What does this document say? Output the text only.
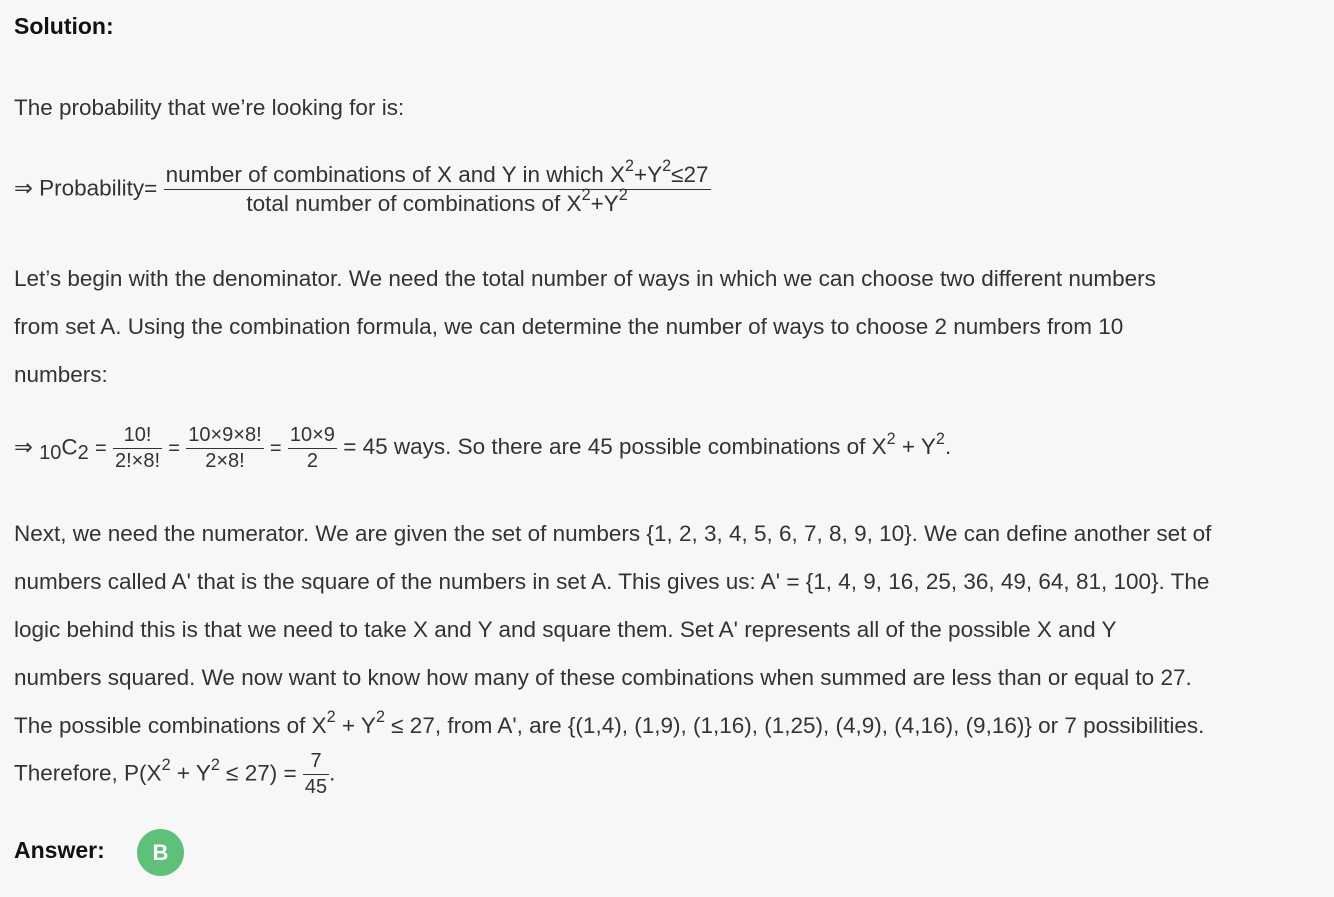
Solution:
The probability that we’re looking for is:
⇒ Probability= $\frac{number of combinations of X and Y in which X^2+Y^2\le 27}{total number of combinations of X^2+Y^2}$
Let’s begin with the denominator. We need the total number of ways in which we can choose two different numbers
from set A. Using the combination formula, we can determine the number of ways to choose 2 numbers from 10
numbers:
⇒ $10C2 = \frac{10!}{2!\times 8!} = \frac{10\times 9\times 8!}{2\times 8!} = \frac{10\times 9}{2} = 45$ ways. So there are 45 possible combinations of $X^2 + Y^2$.
Next, we need the numerator. We are given the set of numbers {1, 2, 3, 4, 5, 6, 7, 8, 9, 10}. We can define another set of
numbers called A' that is the square of the numbers in set A. This gives us: A' = {1, 4, 9, 16, 25, 36, 49, 64, 81, 100}. The
logic behind this is that we need to take X and Y and square them. Set A' represents all of the possible X and Y
numbers squared. We now want to know how many of these combinations when summed are less than or equal to 27.
The possible combinations of $X^2 + Y^2 \le 27$, from A', are {(1,4), (1,9), (1,16), (1,25), (4,9), (4,16), (9,16)} or 7 possibilities.
Therefore, $P(X^2 + Y^2 \le 27) = \frac{7}{45}$ .
Answer:	B
